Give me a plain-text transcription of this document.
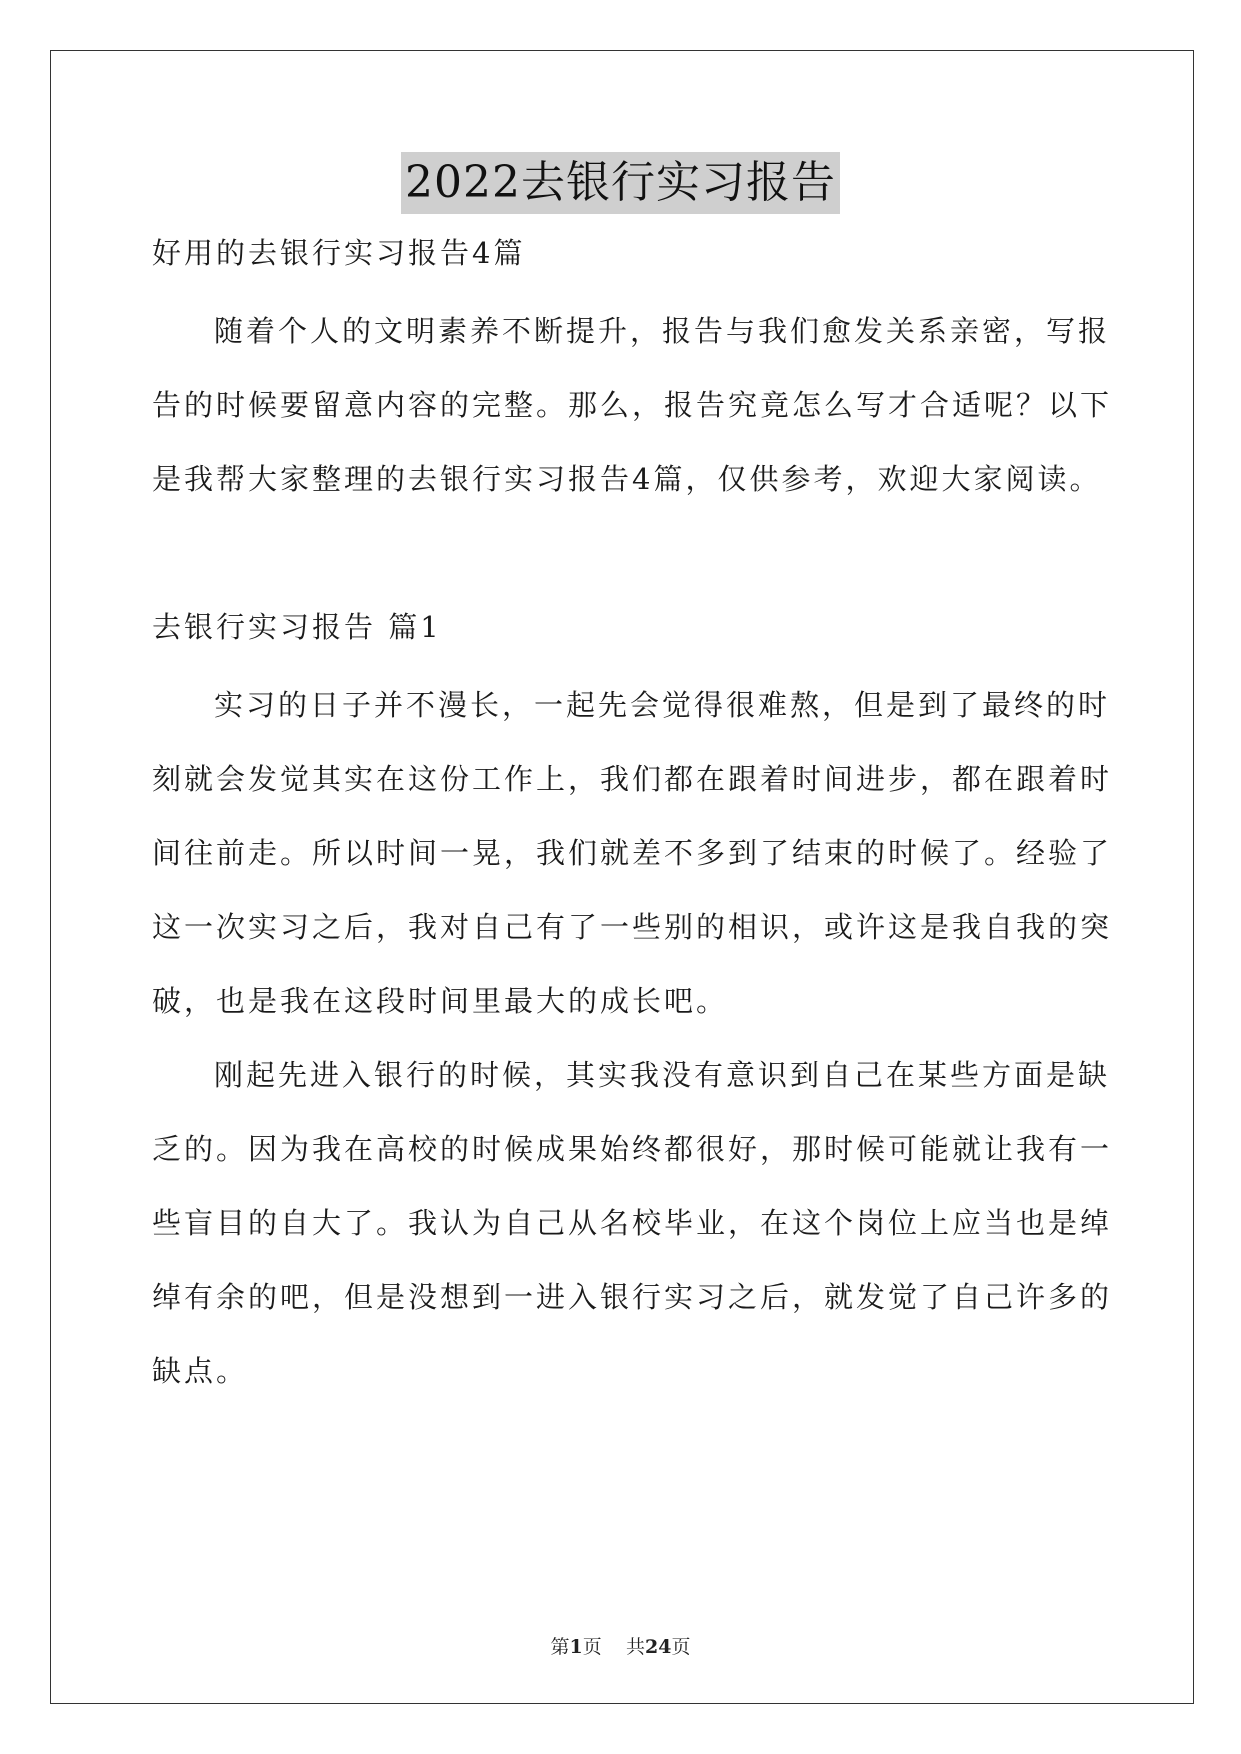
2022去银行实习报告
好用的去银行实习报告4篇
随着个人的文明素养不断提升，报告与我们愈发关系亲密，写报
告的时候要留意内容的完整。那么，报告究竟怎么写才合适呢？以下
是我帮大家整理的去银行实习报告4篇，仅供参考，欢迎大家阅读。
去银行实习报告 篇1
实习的日子并不漫长，一起先会觉得很难熬，但是到了最终的时
刻就会发觉其实在这份工作上，我们都在跟着时间进步，都在跟着时
间往前走。所以时间一晃，我们就差不多到了结束的时候了。经验了
这一次实习之后，我对自己有了一些别的相识，或许这是我自我的突
破，也是我在这段时间里最大的成长吧。
刚起先进入银行的时候，其实我没有意识到自己在某些方面是缺
乏的。因为我在高校的时候成果始终都很好，那时候可能就让我有一
些盲目的自大了。我认为自己从名校毕业，在这个岗位上应当也是绰
绰有余的吧，但是没想到一进入银行实习之后，就发觉了自己许多的
缺点。
第1页 共24页
